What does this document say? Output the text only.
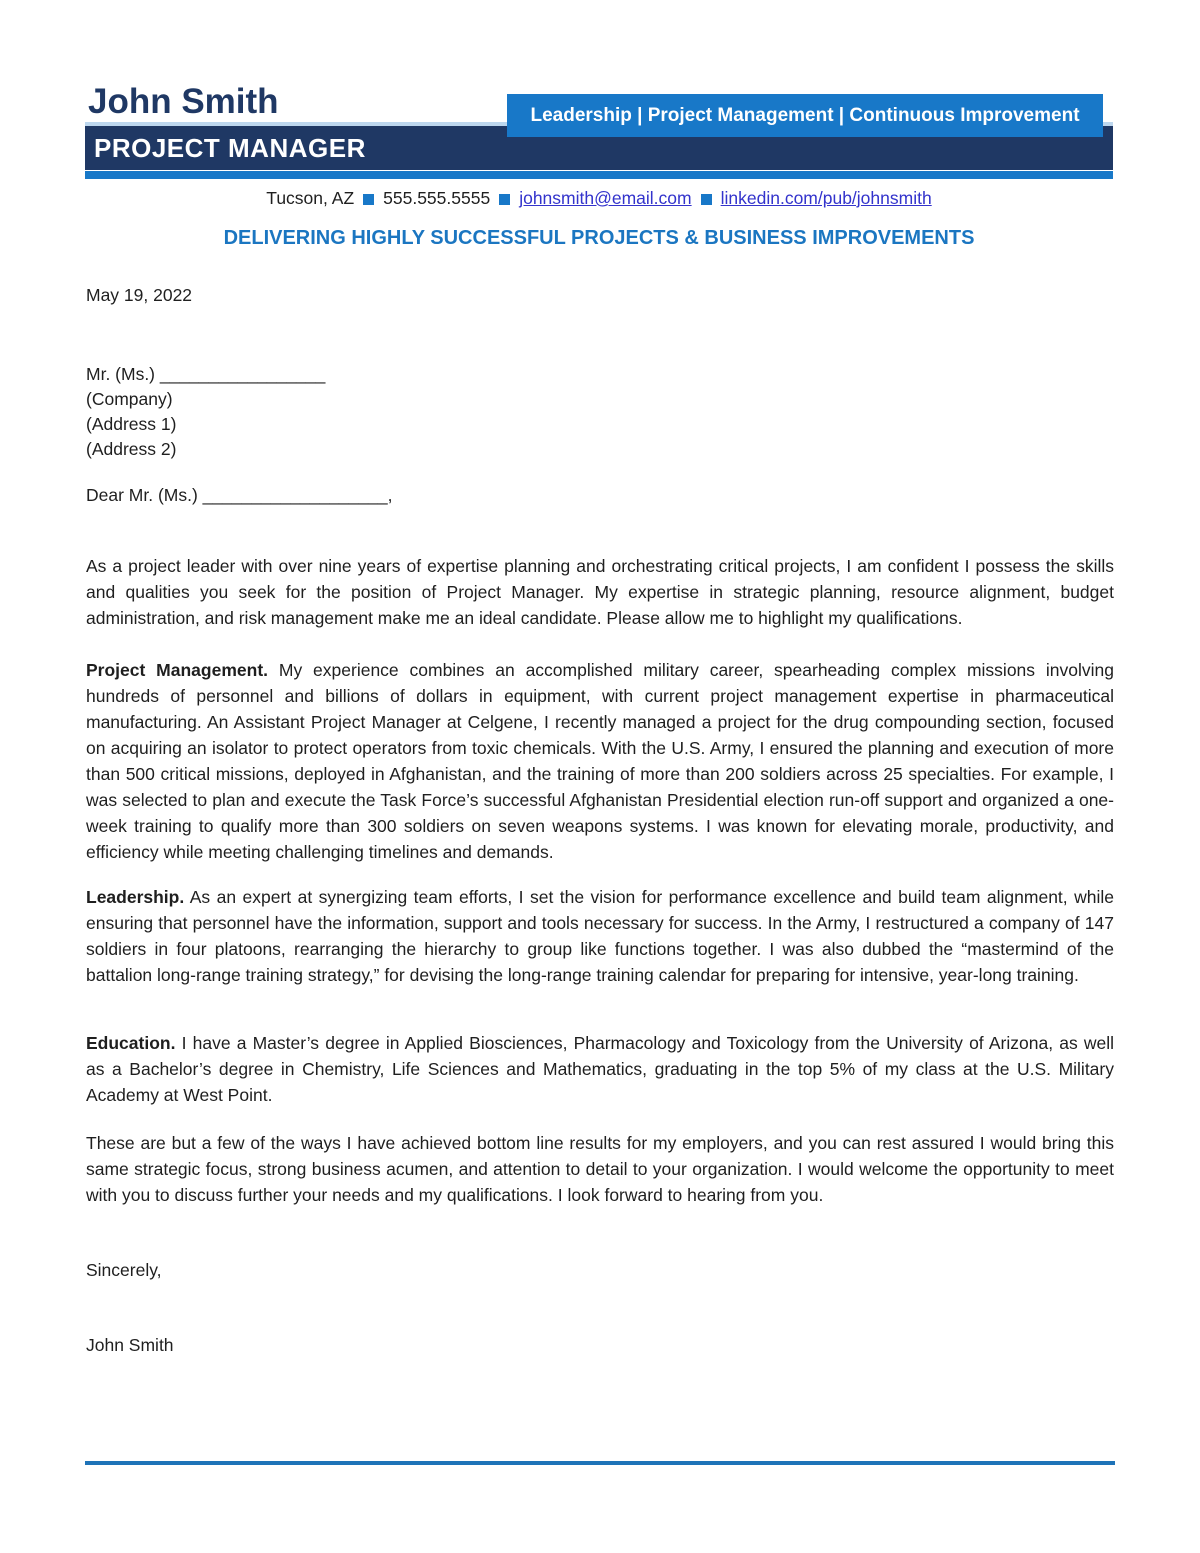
John Smith	Leadership | Project Management | Continuous Improvement
PROJECT MANAGER
Tucson, AZ 555.555.5555 johnsmith@email.com linkedin.com/pub/johnsmith
DELIVERING HIGHLY SUCCESSFUL PROJECTS & BUSINESS IMPROVEMENTS
May 19, 2022
Mr. (Ms.) _________________
(Company)
(Address 1)
(Address 2)
Dear Mr. (Ms.) ___________________,
As a project leader with over nine years of expertise planning and orchestrating critical projects, I am confident I possess the skills and qualities you seek for the position of Project Manager. My expertise in strategic planning, resource alignment, budget administration, and risk management make me an ideal candidate. Please allow me to highlight my qualifications.
Project Management. My experience combines an accomplished military career, spearheading complex missions involving hundreds of personnel and billions of dollars in equipment, with current project management expertise in pharmaceutical manufacturing. An Assistant Project Manager at Celgene, I recently managed a project for the drug compounding section, focused on acquiring an isolator to protect operators from toxic chemicals. With the U.S. Army, I ensured the planning and execution of more than 500 critical missions, deployed in Afghanistan, and the training of more than 200 soldiers across 25 specialties. For example, I was selected to plan and execute the Task Force’s successful Afghanistan Presidential election run-off support and organized a one-week training to qualify more than 300 soldiers on seven weapons systems. I was known for elevating morale, productivity, and efficiency while meeting challenging timelines and demands.
Leadership. As an expert at synergizing team efforts, I set the vision for performance excellence and build team alignment, while ensuring that personnel have the information, support and tools necessary for success. In the Army, I restructured a company of 147 soldiers in four platoons, rearranging the hierarchy to group like functions together. I was also dubbed the “mastermind of the battalion long-range training strategy,” for devising the long-range training calendar for preparing for intensive, year-long training.
Education. I have a Master’s degree in Applied Biosciences, Pharmacology and Toxicology from the University of Arizona, as well as a Bachelor’s degree in Chemistry, Life Sciences and Mathematics, graduating in the top 5% of my class at the U.S. Military Academy at West Point.
These are but a few of the ways I have achieved bottom line results for my employers, and you can rest assured I would bring this same strategic focus, strong business acumen, and attention to detail to your organization. I would welcome the opportunity to meet with you to discuss further your needs and my qualifications. I look forward to hearing from you.
Sincerely,
John Smith
